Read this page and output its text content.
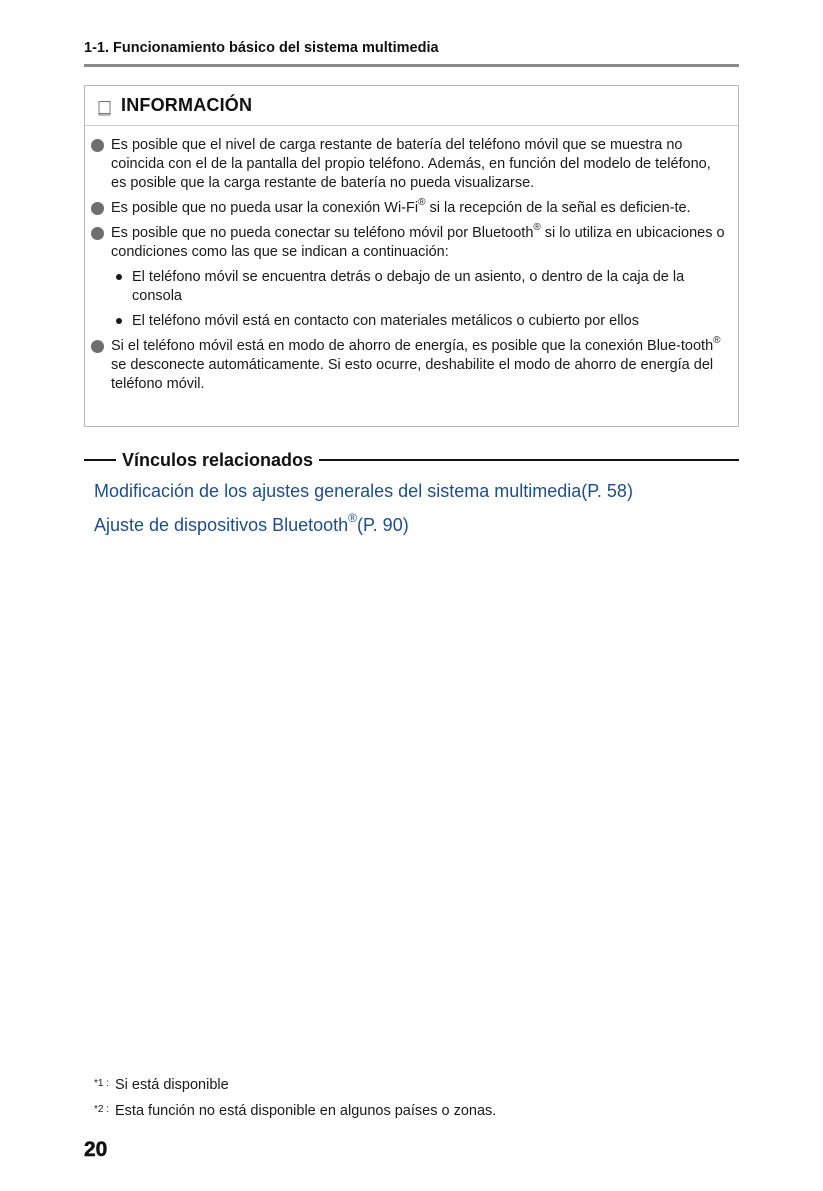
1-1. Funcionamiento básico del sistema multimedia
INFORMACIÓN
Es posible que el nivel de carga restante de batería del teléfono móvil que se muestra no coincida con el de la pantalla del propio teléfono. Además, en función del modelo de teléfono, es posible que la carga restante de batería no pueda visualizarse.
Es posible que no pueda usar la conexión Wi-Fi® si la recepción de la señal es deficien-te.
Es posible que no pueda conectar su teléfono móvil por Bluetooth® si lo utiliza en ubicaciones o condiciones como las que se indican a continuación:
El teléfono móvil se encuentra detrás o debajo de un asiento, o dentro de la caja de la consola
El teléfono móvil está en contacto con materiales metálicos o cubierto por ellos
Si el teléfono móvil está en modo de ahorro de energía, es posible que la conexión Blue-tooth® se desconecte automáticamente. Si esto ocurre, deshabilite el modo de ahorro de energía del teléfono móvil.
Vínculos relacionados
Modificación de los ajustes generales del sistema multimedia(P. 58)
Ajuste de dispositivos Bluetooth®(P. 90)
$^{*1 :}$ Si está disponible
$^{*2 :}$ Esta función no está disponible en algunos países o zonas.
20
